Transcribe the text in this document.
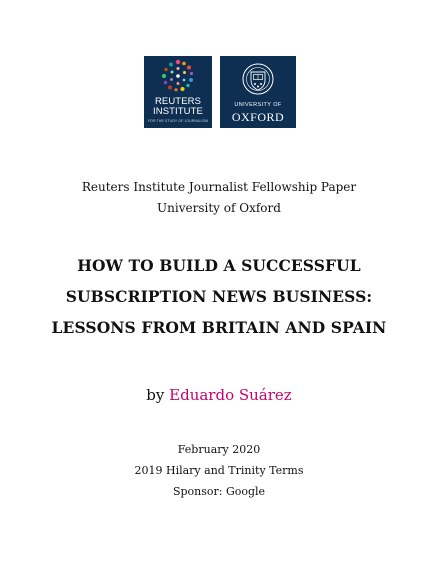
REUTERS
INSTITUTE
FOR THE STUDY OF JOURNALISM
UNIVERSITY OF
OXFORD
Reuters Institute Journalist Fellowship Paper
University of Oxford
HOW TO BUILD A SUCCESSFUL
SUBSCRIPTION NEWS BUSINESS:
LESSONS FROM BRITAIN AND SPAIN
by Eduardo Suárez
February 2020
2019 Hilary and Trinity Terms
Sponsor: Google
